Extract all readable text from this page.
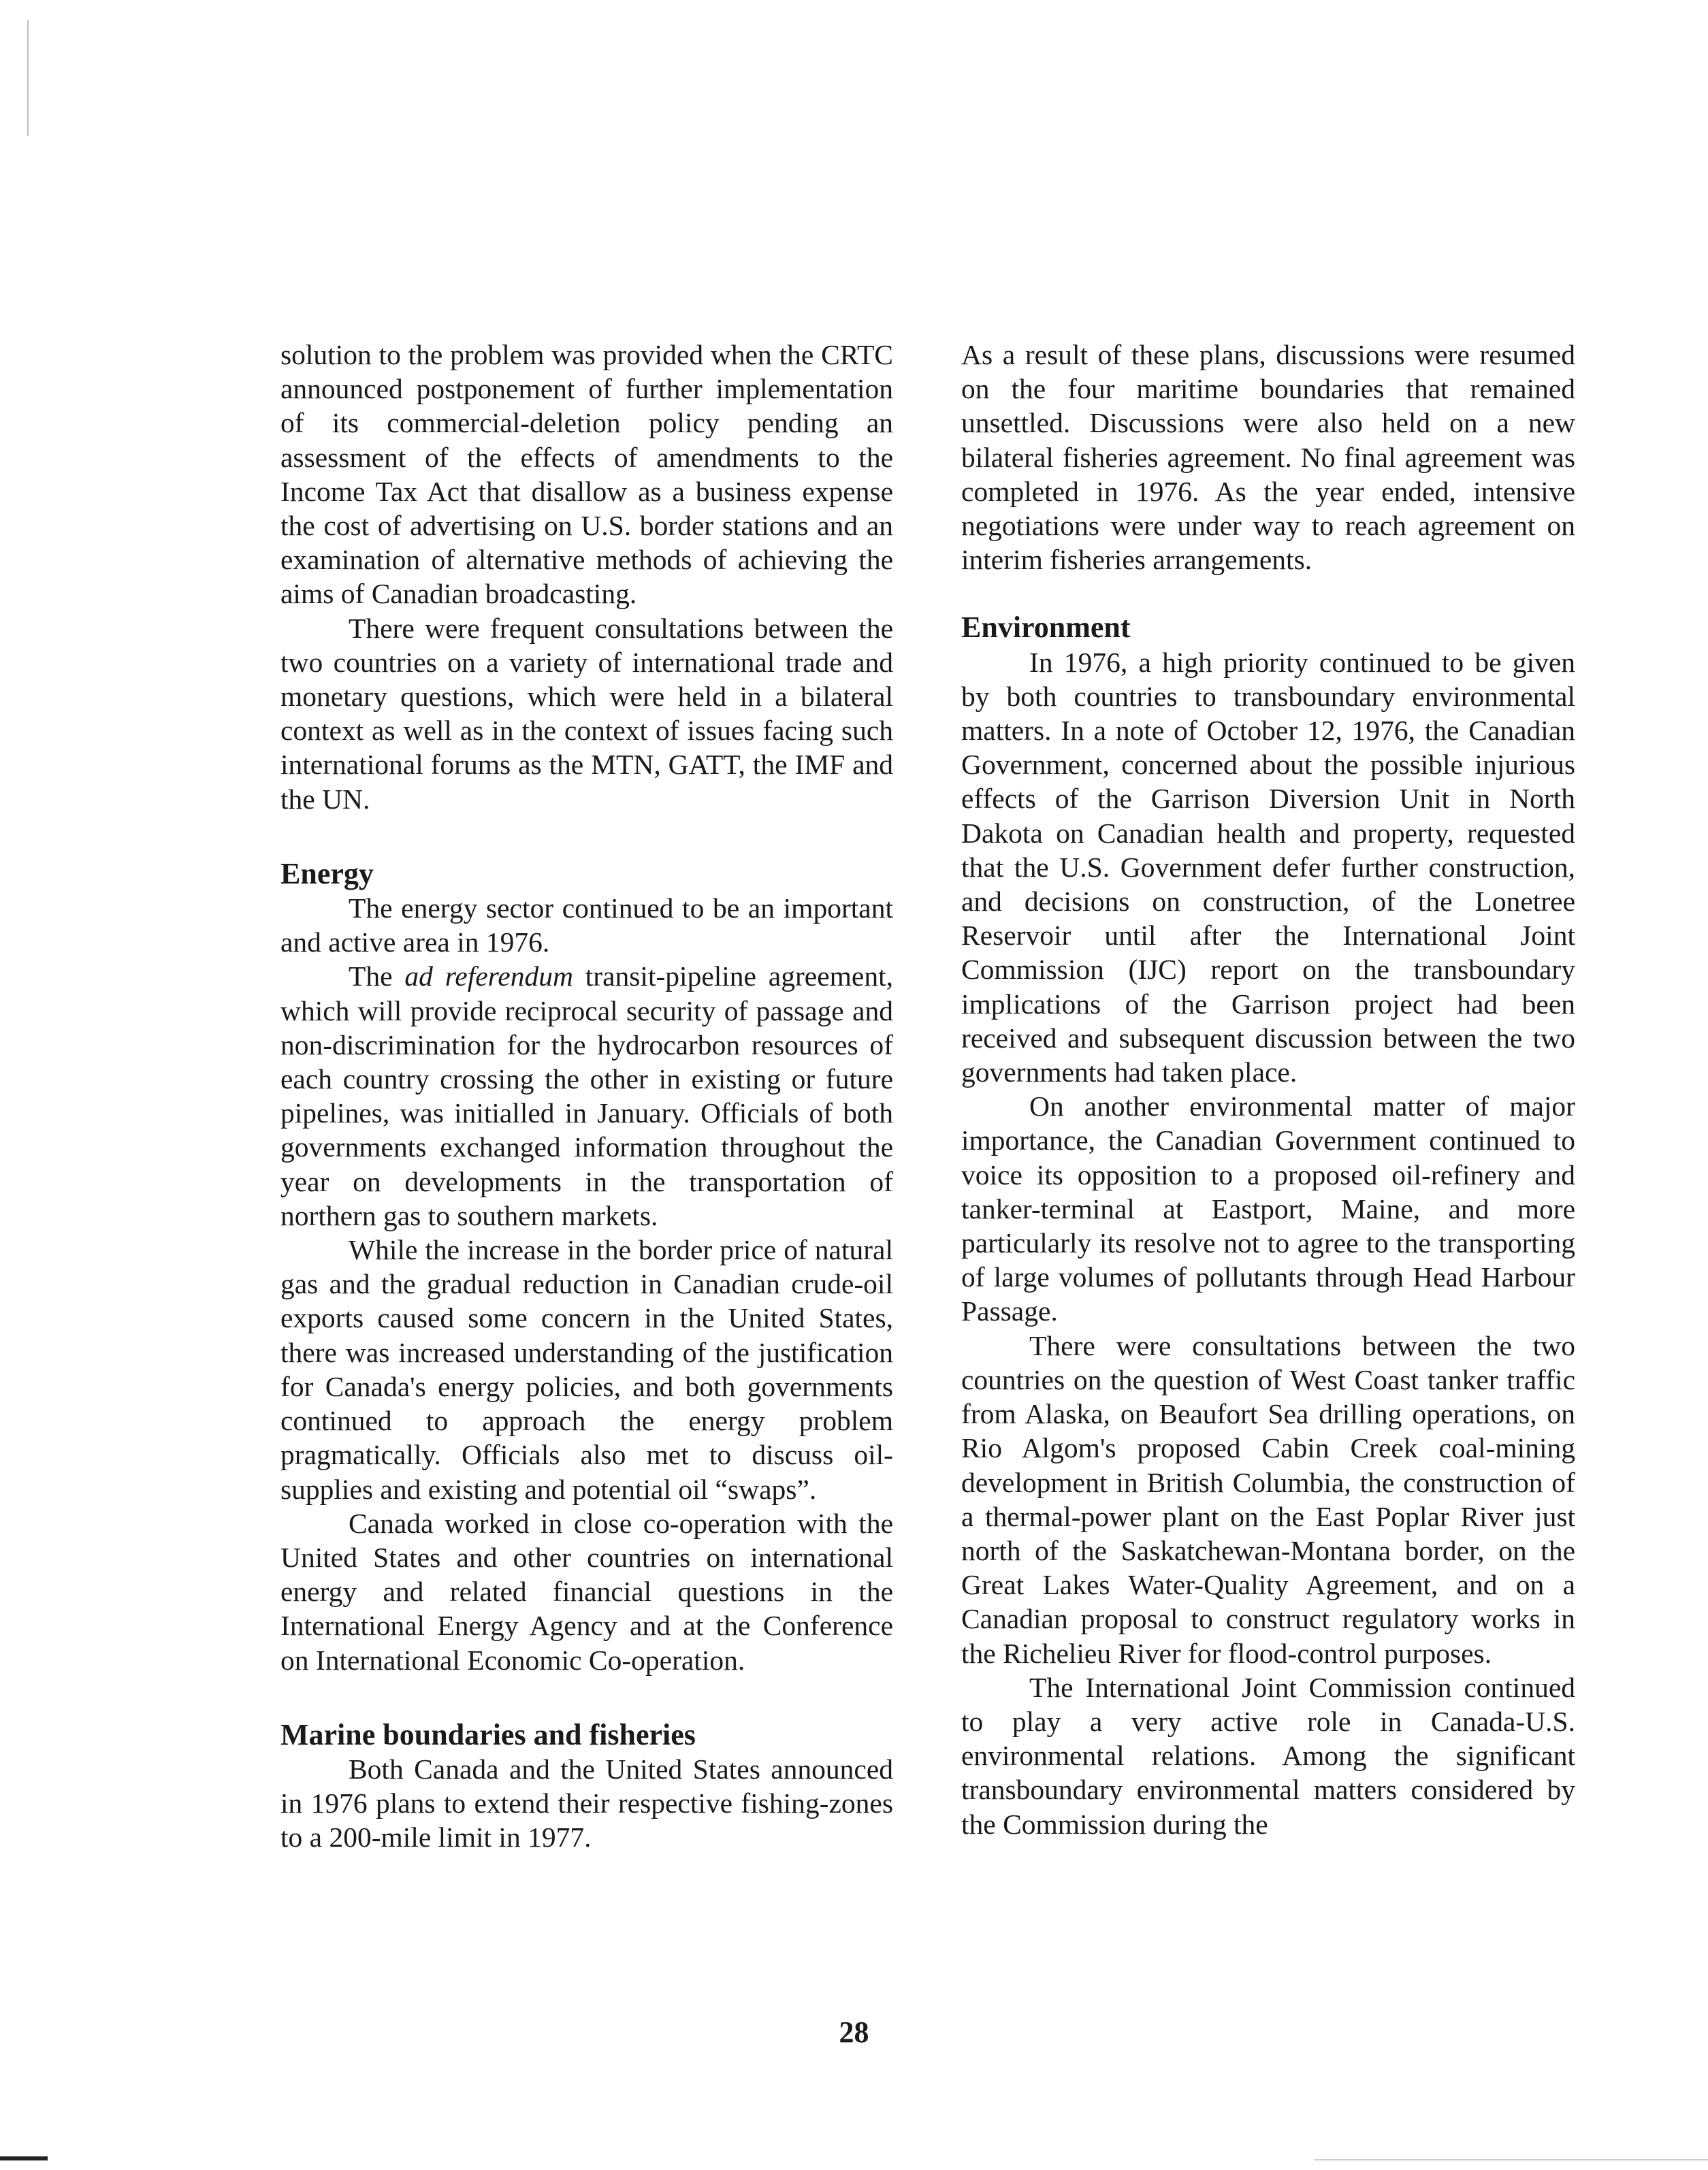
solution to the problem was provided when the CRTC announced postponement of further implementation of its commercial-deletion policy pending an assessment of the effects of amendments to the Income Tax Act that disallow as a business expense the cost of advertising on U.S. border stations and an examination of alternative methods of achieving the aims of Canadian broadcasting.

There were frequent consultations between the two countries on a variety of international trade and monetary questions, which were held in a bilateral context as well as in the context of issues facing such international forums as the MTN, GATT, the IMF and the UN.

Energy

The energy sector continued to be an important and active area in 1976.

The ad referendum transit-pipeline agreement, which will provide reciprocal security of passage and non-discrimination for the hydrocarbon resources of each country crossing the other in existing or future pipelines, was initialled in January. Officials of both governments exchanged information throughout the year on developments in the transportation of northern gas to southern markets.

While the increase in the border price of natural gas and the gradual reduction in Canadian crude-oil exports caused some concern in the United States, there was increased understanding of the justification for Canada's energy policies, and both governments continued to approach the energy problem pragmatically. Officials also met to discuss oil-supplies and existing and potential oil “swaps”.

Canada worked in close co-operation with the United States and other countries on international energy and related financial questions in the International Energy Agency and at the Conference on International Economic Co-operation.

Marine boundaries and fisheries

Both Canada and the United States announced in 1976 plans to extend their respective fishing-zones to a 200-mile limit in 1977.

As a result of these plans, discussions were resumed on the four maritime boundaries that remained unsettled. Discussions were also held on a new bilateral fisheries agreement. No final agreement was completed in 1976. As the year ended, intensive negotiations were under way to reach agreement on interim fisheries arrangements.

Environment

In 1976, a high priority continued to be given by both countries to transboundary environmental matters. In a note of October 12, 1976, the Canadian Government, concerned about the possible injurious effects of the Garrison Diversion Unit in North Dakota on Canadian health and property, requested that the U.S. Government defer further construction, and decisions on construction, of the Lonetree Reservoir until after the International Joint Commission (IJC) report on the transboundary implications of the Garrison project had been received and subsequent discussion between the two governments had taken place.

On another environmental matter of major importance, the Canadian Government continued to voice its opposition to a proposed oil-refinery and tanker-terminal at Eastport, Maine, and more particularly its resolve not to agree to the transporting of large volumes of pollutants through Head Harbour Passage.

There were consultations between the two countries on the question of West Coast tanker traffic from Alaska, on Beaufort Sea drilling operations, on Rio Algom's proposed Cabin Creek coal-mining development in British Columbia, the construction of a thermal-power plant on the East Poplar River just north of the Saskatchewan-Montana border, on the Great Lakes Water-Quality Agreement, and on a Canadian proposal to construct regulatory works in the Richelieu River for flood-control purposes.

The International Joint Commission continued to play a very active role in Canada-U.S. environmental relations. Among the significant transboundary environmental matters considered by the Commission during the

28
